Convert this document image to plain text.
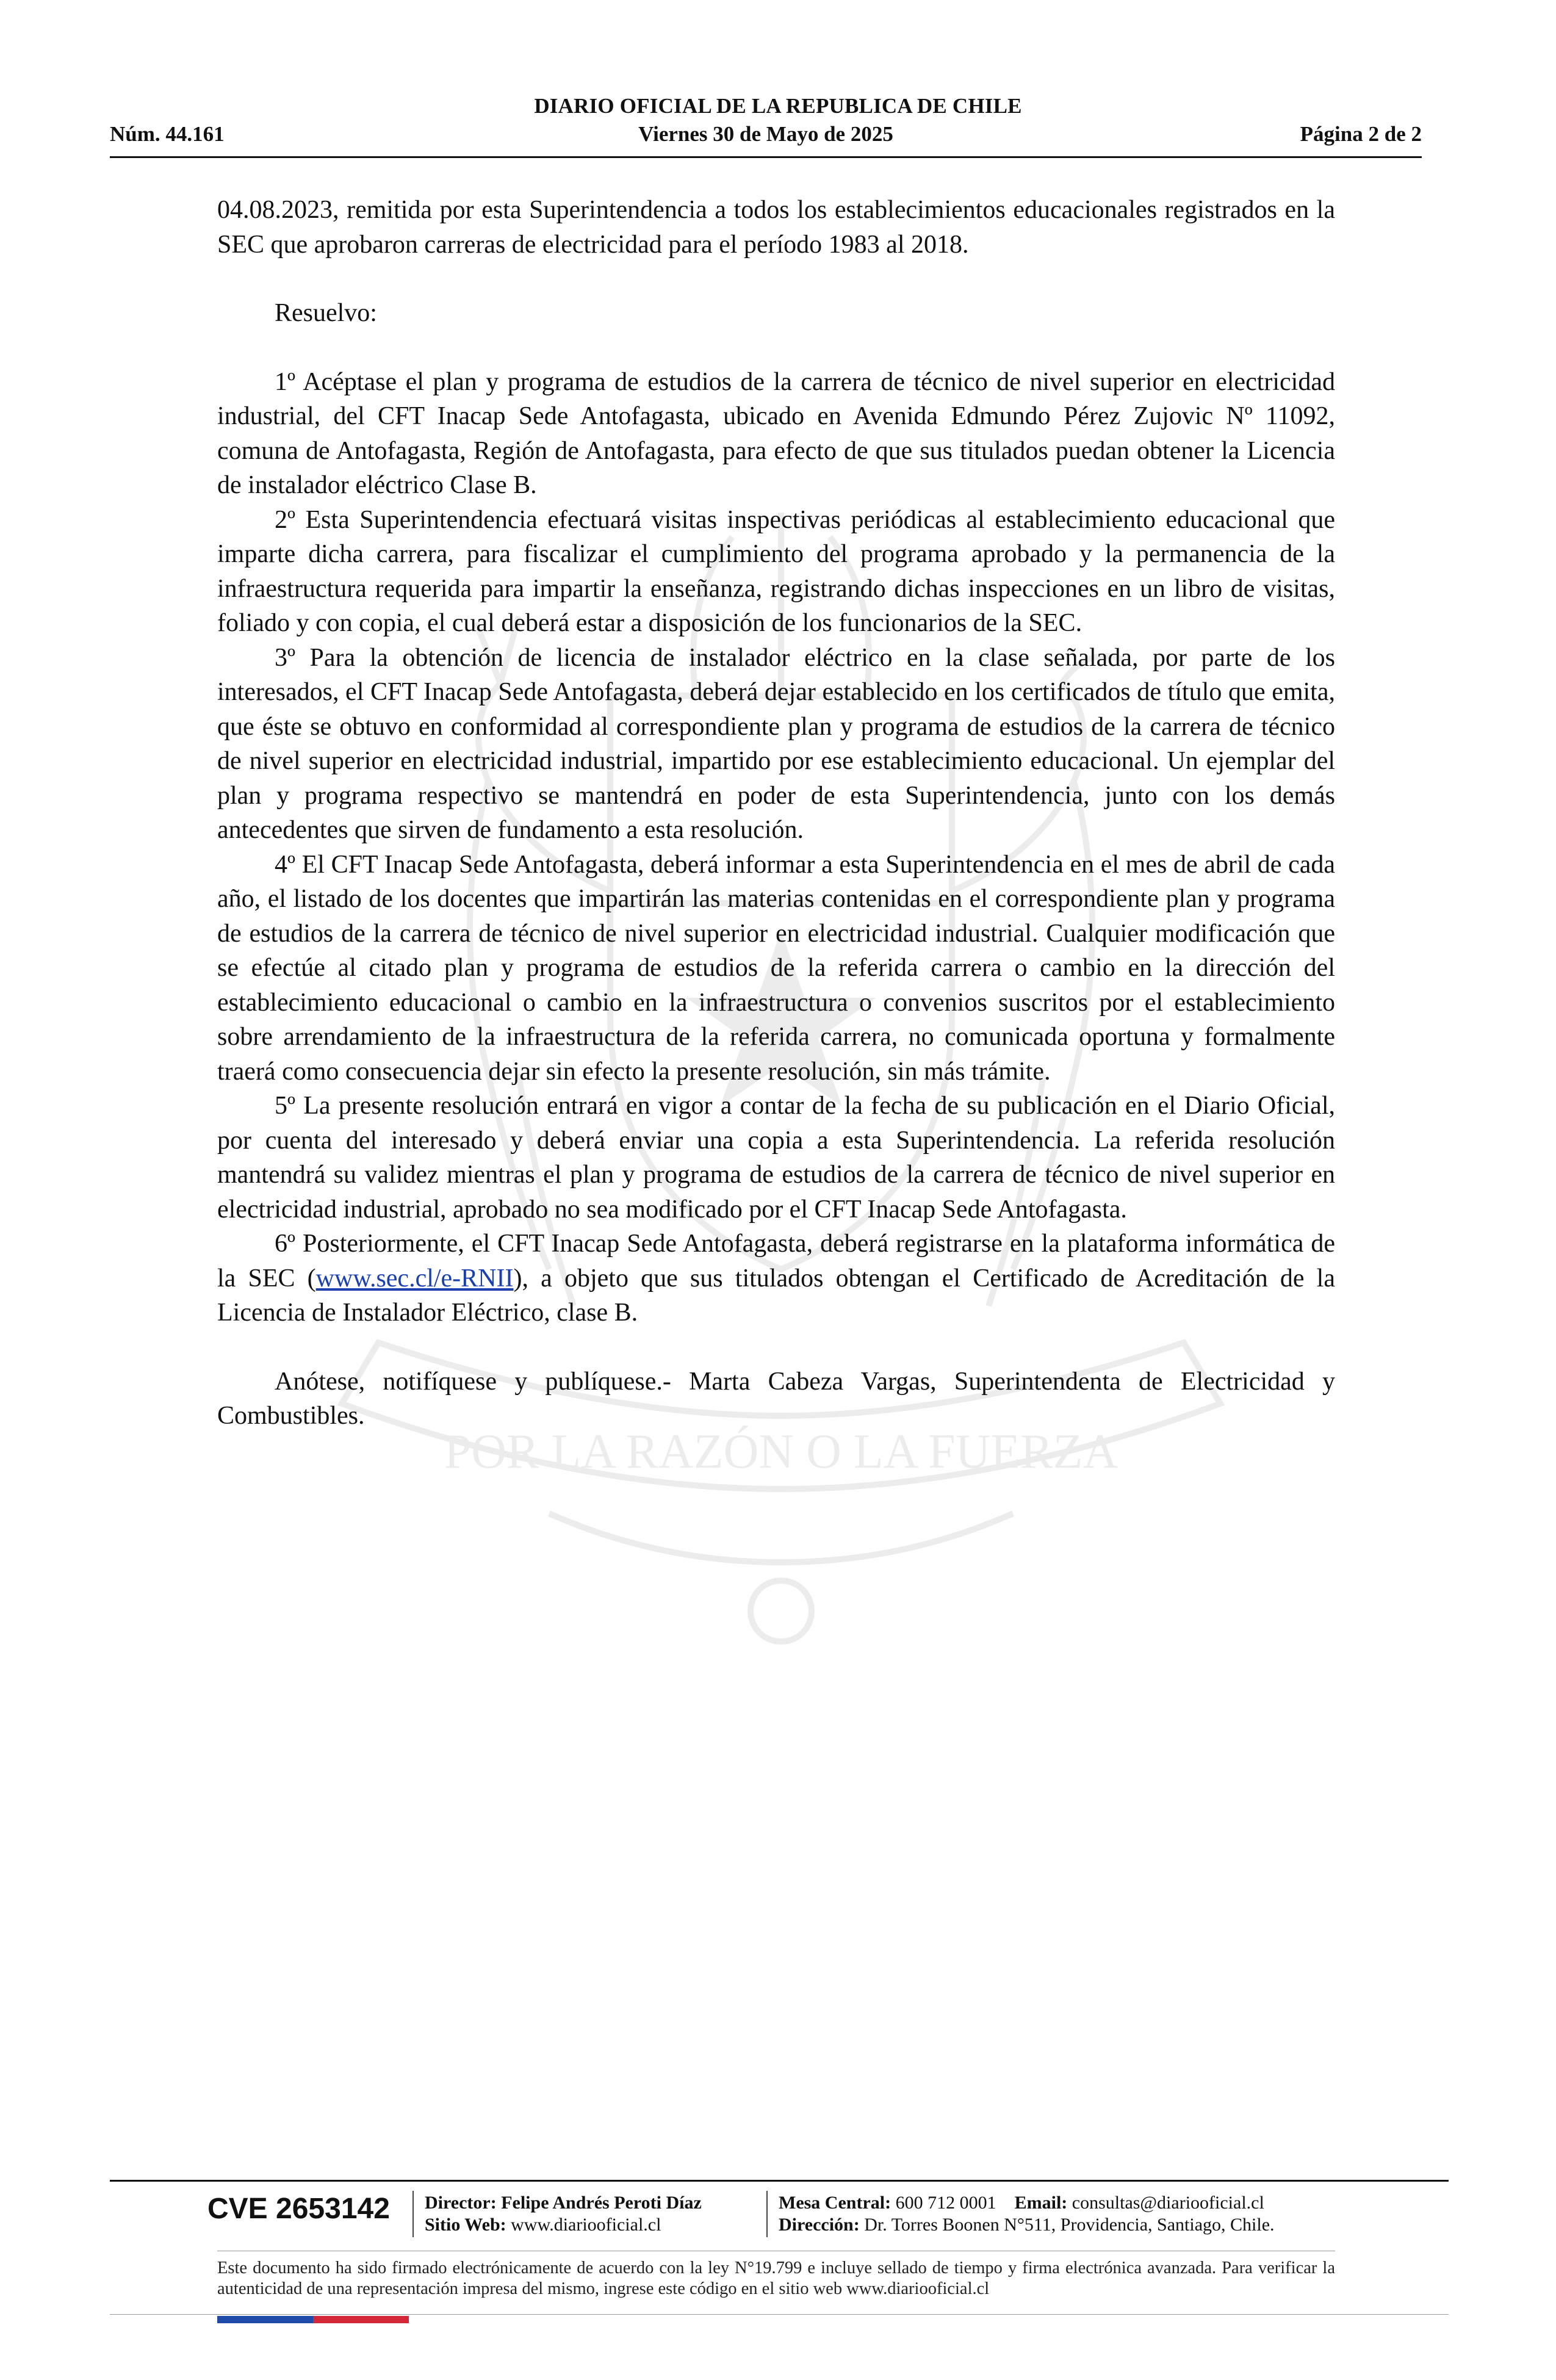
DIARIO OFICIAL DE LA REPUBLICA DE CHILE
Núm. 44.161	Viernes 30 de Mayo de 2025	Página 2 de 2
POR LA RAZÓN O LA FUERZA

04.08.2023, remitida por esta Superintendencia a todos los establecimientos educacionales registrados en la SEC que aprobaron carreras de electricidad para el período 1983 al 2018.

Resuelvo:

1º Acéptase el plan y programa de estudios de la carrera de técnico de nivel superior en electricidad industrial, del CFT Inacap Sede Antofagasta, ubicado en Avenida Edmundo Pérez Zujovic Nº 11092, comuna de Antofagasta, Región de Antofagasta, para efecto de que sus titulados puedan obtener la Licencia de instalador eléctrico Clase B.

2º Esta Superintendencia efectuará visitas inspectivas periódicas al establecimiento educacional que imparte dicha carrera, para fiscalizar el cumplimiento del programa aprobado y la permanencia de la infraestructura requerida para impartir la enseñanza, registrando dichas inspecciones en un libro de visitas, foliado y con copia, el cual deberá estar a disposición de los funcionarios de la SEC.

3º Para la obtención de licencia de instalador eléctrico en la clase señalada, por parte de los interesados, el CFT Inacap Sede Antofagasta, deberá dejar establecido en los certificados de título que emita, que éste se obtuvo en conformidad al correspondiente plan y programa de estudios de la carrera de técnico de nivel superior en electricidad industrial, impartido por ese establecimiento educacional. Un ejemplar del plan y programa respectivo se mantendrá en poder de esta Superintendencia, junto con los demás antecedentes que sirven de fundamento a esta resolución.

4º El CFT Inacap Sede Antofagasta, deberá informar a esta Superintendencia en el mes de abril de cada año, el listado de los docentes que impartirán las materias contenidas en el correspondiente plan y programa de estudios de la carrera de técnico de nivel superior en electricidad industrial. Cualquier modificación que se efectúe al citado plan y programa de estudios de la referida carrera o cambio en la dirección del establecimiento educacional o cambio en la infraestructura o convenios suscritos por el establecimiento sobre arrendamiento de la infraestructura de la referida carrera, no comunicada oportuna y formalmente traerá como consecuencia dejar sin efecto la presente resolución, sin más trámite.

5º La presente resolución entrará en vigor a contar de la fecha de su publicación en el Diario Oficial, por cuenta del interesado y deberá enviar una copia a esta Superintendencia. La referida resolución mantendrá su validez mientras el plan y programa de estudios de la carrera de técnico de nivel superior en electricidad industrial, aprobado no sea modificado por el CFT Inacap Sede Antofagasta.

6º Posteriormente, el CFT Inacap Sede Antofagasta, deberá registrarse en la plataforma informática de la SEC (www.sec.cl/e-RNII), a objeto que sus titulados obtengan el Certificado de Acreditación de la Licencia de Instalador Eléctrico, clase B.

Anótese, notifíquese y publíquese.- Marta Cabeza Vargas, Superintendenta de Electricidad y Combustibles.

CVE 2653142 Director: Felipe Andrés Peroti Díaz
Sitio Web: www.diariooficial.cl
Mesa Central: 600 712 0001 Email: consultas@diariooficial.cl
Dirección: Dr. Torres Boonen N°511, Providencia, Santiago, Chile.
Este documento ha sido firmado electrónicamente de acuerdo con la ley N°19.799 e incluye sellado de tiempo y firma electrónica avanzada. Para verificar la autenticidad de una representación impresa del mismo, ingrese este código en el sitio web www.diariooficial.cl
